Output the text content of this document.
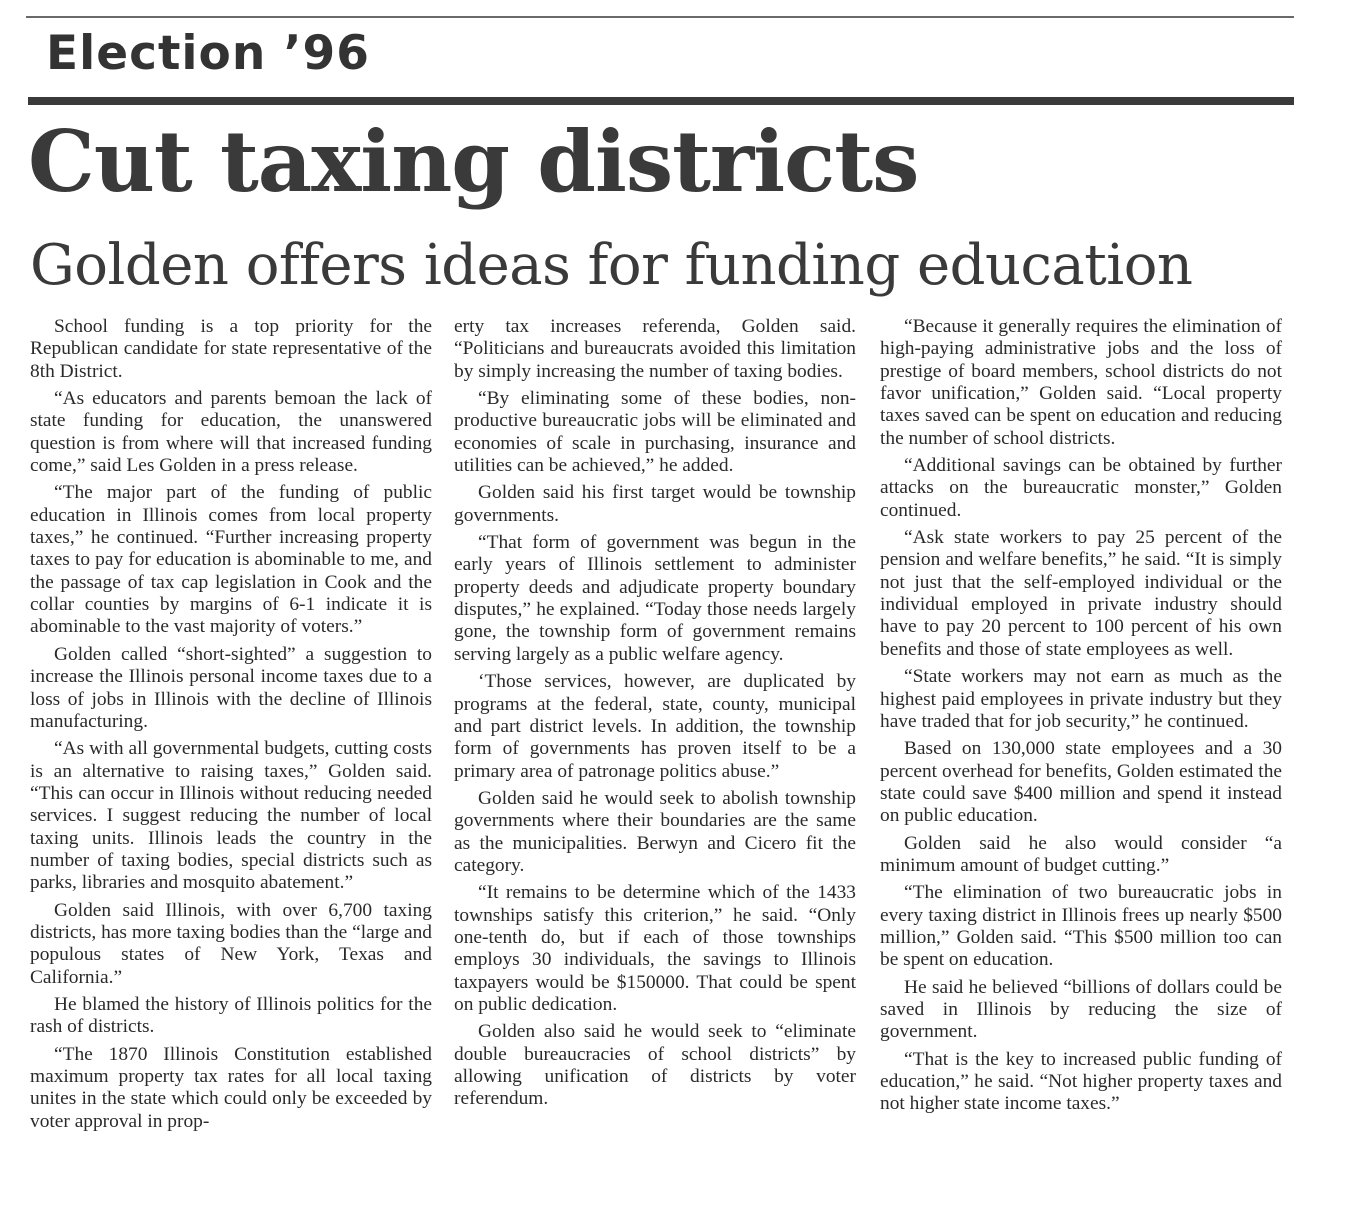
Election ’96
Cut taxing districts
Golden offers ideas for funding education

School funding is a top priority for the Republican candidate for state representative of the 8th District.

“As educators and parents bemoan the lack of state funding for education, the unanswered question is from where will that increased funding come,” said Les Golden in a press release.

“The major part of the funding of public education in Illinois comes from local property taxes,” he continued. “Further increasing property taxes to pay for education is abominable to me, and the passage of tax cap legislation in Cook and the collar counties by margins of 6-1 indicate it is abominable to the vast majority of voters.”

Golden called “short-sighted” a suggestion to increase the Illinois personal income taxes due to a loss of jobs in Illinois with the decline of Illinois manufacturing.

“As with all governmental budgets, cutting costs is an alternative to raising taxes,” Golden said. “This can occur in Illinois without reducing needed services. I suggest reducing the number of local taxing units. Illinois leads the country in the number of taxing bodies, special districts such as parks, libraries and mosquito abatement.”

Golden said Illinois, with over 6,700 taxing districts, has more taxing bodies than the “large and populous states of New York, Texas and California.”

He blamed the history of Illinois politics for the rash of districts.

“The 1870 Illinois Constitution established maximum property tax rates for all local taxing unites in the state which could only be exceeded by voter approval in prop-

erty tax increases referenda, Golden said. “Politicians and bureaucrats avoided this limitation by simply increasing the number of taxing bodies.

“By eliminating some of these bodies, non-productive bureaucratic jobs will be eliminated and economies of scale in purchasing, insurance and utilities can be achieved,” he added.

Golden said his first target would be township governments.

“That form of government was begun in the early years of Illinois settlement to administer property deeds and adjudicate property boundary disputes,” he explained. “Today those needs largely gone, the township form of government remains serving largely as a public welfare agency.

‘Those services, however, are duplicated by programs at the federal, state, county, municipal and part district levels. In addition, the township form of governments has proven itself to be a primary area of patronage politics abuse.”

Golden said he would seek to abolish township governments where their boundaries are the same as the municipalities. Berwyn and Cicero fit the category.

“It remains to be determine which of the 1433 townships satisfy this criterion,” he said. “Only one-tenth do, but if each of those townships employs 30 individuals, the savings to Illinois taxpayers would be $150000. That could be spent on public dedication.

Golden also said he would seek to “eliminate double bureaucracies of school districts” by allowing unification of districts by voter referendum.

“Because it generally requires the elimination of high-paying administrative jobs and the loss of prestige of board members, school districts do not favor unification,” Golden said. “Local property taxes saved can be spent on education and reducing the number of school districts.

“Additional savings can be obtained by further attacks on the bureaucratic monster,” Golden continued.

“Ask state workers to pay 25 percent of the pension and welfare benefits,” he said. “It is simply not just that the self-employed individual or the individual employed in private industry should have to pay 20 percent to 100 percent of his own benefits and those of state employees as well.

“State workers may not earn as much as the highest paid employees in private industry but they have traded that for job security,” he continued.

Based on 130,000 state employees and a 30 percent overhead for benefits, Golden estimated the state could save $400 million and spend it instead on public education.

Golden said he also would consider “a minimum amount of budget cutting.”

“The elimination of two bureaucratic jobs in every taxing district in Illinois frees up nearly $500 million,” Golden said. “This $500 million too can be spent on education.

He said he believed “billions of dollars could be saved in Illinois by reducing the size of government.

“That is the key to increased public funding of education,” he said. “Not higher property taxes and not higher state income taxes.”
